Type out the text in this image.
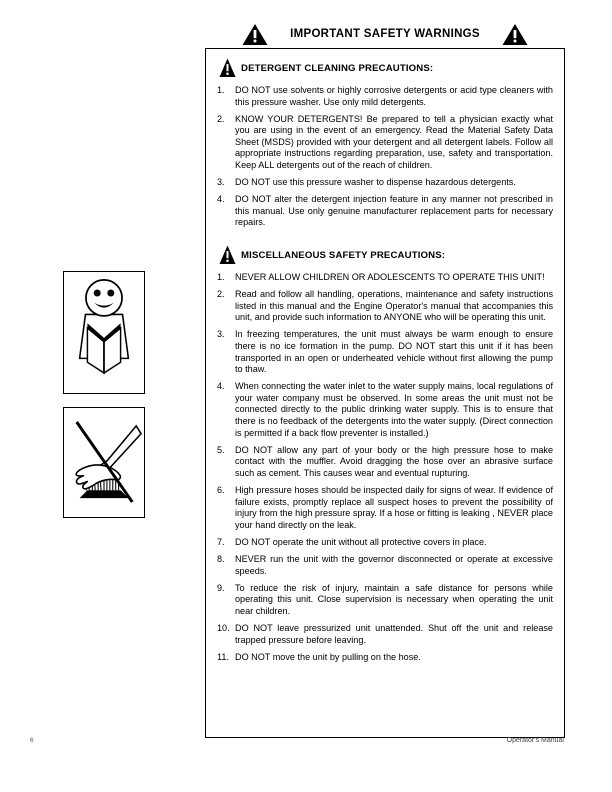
IMPORTANT SAFETY WARNINGS
DETERGENT CLEANING PRECAUTIONS:
1.	DO NOT use solvents or highly corrosive detergents or acid type cleaners with this pressure washer. Use only mild detergents.
2.	KNOW YOUR DETERGENTS! Be prepared to tell a physician exactly what you are using in the event of an emergency. Read the Material Safety Data Sheet (MSDS) provided with your detergent and all detergent labels. Follow all appropriate instructions regarding preparation, use, safety and transportation. Keep ALL detergents out of the reach of children.
3.	DO NOT use this pressure washer to dispense hazardous detergents.
4.	DO NOT alter the detergent injection feature in any manner not prescribed in this manual. Use only genuine manufacturer replacement parts for necessary repairs.
MISCELLANEOUS SAFETY PRECAUTIONS:
1.	NEVER ALLOW CHILDREN OR ADOLESCENTS TO OPERATE THIS UNIT!
2.	Read and follow all handling, operations, maintenance and safety instructions listed in this manual and the Engine Operator's manual that accompanies this unit, and provide such information to ANYONE who will be operating this unit.
3.	In freezing temperatures, the unit must always be warm enough to ensure there is no ice formation in the pump. DO NOT start this unit if it has been transported in an open or underheated vehicle without first allowing the pump to thaw.
4.	When connecting the water inlet to the water supply mains, local regulations of your water company must be observed. In some areas the unit must not be connected directly to the public drinking water supply. This is to ensure that there is no feedback of the detergents into the water supply. (Direct connection is permitted if a back flow preventer is installed.)
5.	DO NOT allow any part of your body or the high pressure hose to make contact with the muffler. Avoid dragging the hose over an abrasive surface such as cement. This causes wear and eventual rupturing.
6.	High pressure hoses should be inspected daily for signs of wear. If evidence of failure exists, promptly replace all suspect hoses to prevent the possibility of injury from the high pressure spray. If a hose or fitting is leaking , NEVER place your hand directly on the leak.
7.	DO NOT operate the unit without all protective covers in place.
8.	NEVER run the unit with the governor disconnected or operate at excessive speeds.
9.	To reduce the risk of injury, maintain a safe distance for persons while operating this unit. Close supervision is necessary when operating the unit near children.
10. DO NOT leave pressurized unit unattended. Shut off the unit and release trapped pressure before leaving.
11. DO NOT move the unit by pulling on the hose.
6	Operator's Manual
